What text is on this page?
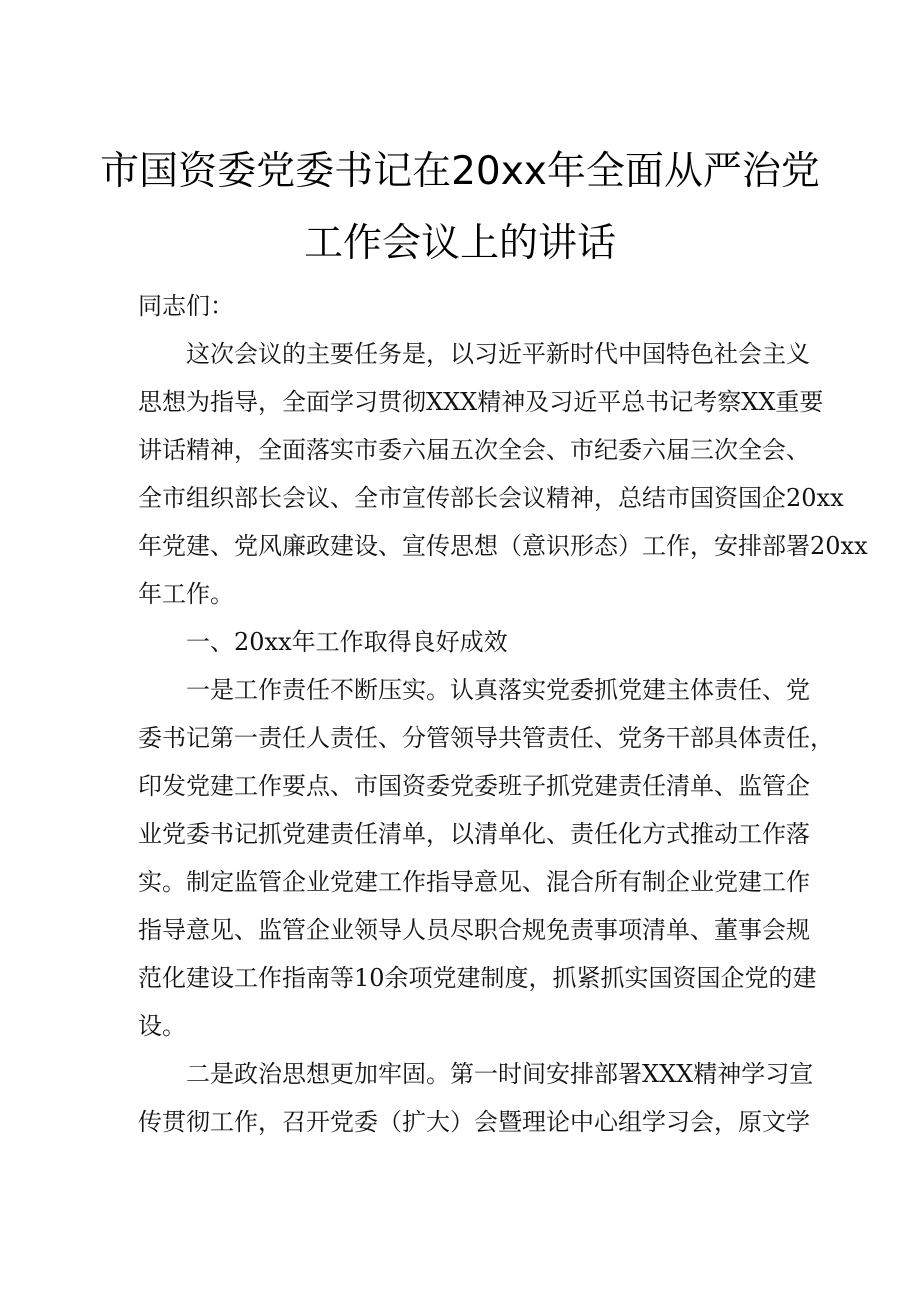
市国资委党委书记在20xx年全面从严治党
工作会议上的讲话

同志们：

这次会议的主要任务是，以习近平新时代中国特色社会主义

思想为指导，全面学习贯彻XXX精神及习近平总书记考察XX重要

讲话精神，全面落实市委六届五次全会、市纪委六届三次全会、

全市组织部长会议、全市宣传部长会议精神，总结市国资国企20xx

年党建、党风廉政建设、宣传思想（意识形态）工作，安排部署20xx

年工作。

一、20xx年工作取得良好成效

一是工作责任不断压实。认真落实党委抓党建主体责任、党

委书记第一责任人责任、分管领导共管责任、党务干部具体责任，

印发党建工作要点、市国资委党委班子抓党建责任清单、监管企

业党委书记抓党建责任清单，以清单化、责任化方式推动工作落

实。制定监管企业党建工作指导意见、混合所有制企业党建工作

指导意见、监管企业领导人员尽职合规免责事项清单、董事会规

范化建设工作指南等10余项党建制度，抓紧抓实国资国企党的建

设。

二是政治思想更加牢固。第一时间安排部署XXX精神学习宣

传贯彻工作，召开党委（扩大）会暨理论中心组学习会，原文学
